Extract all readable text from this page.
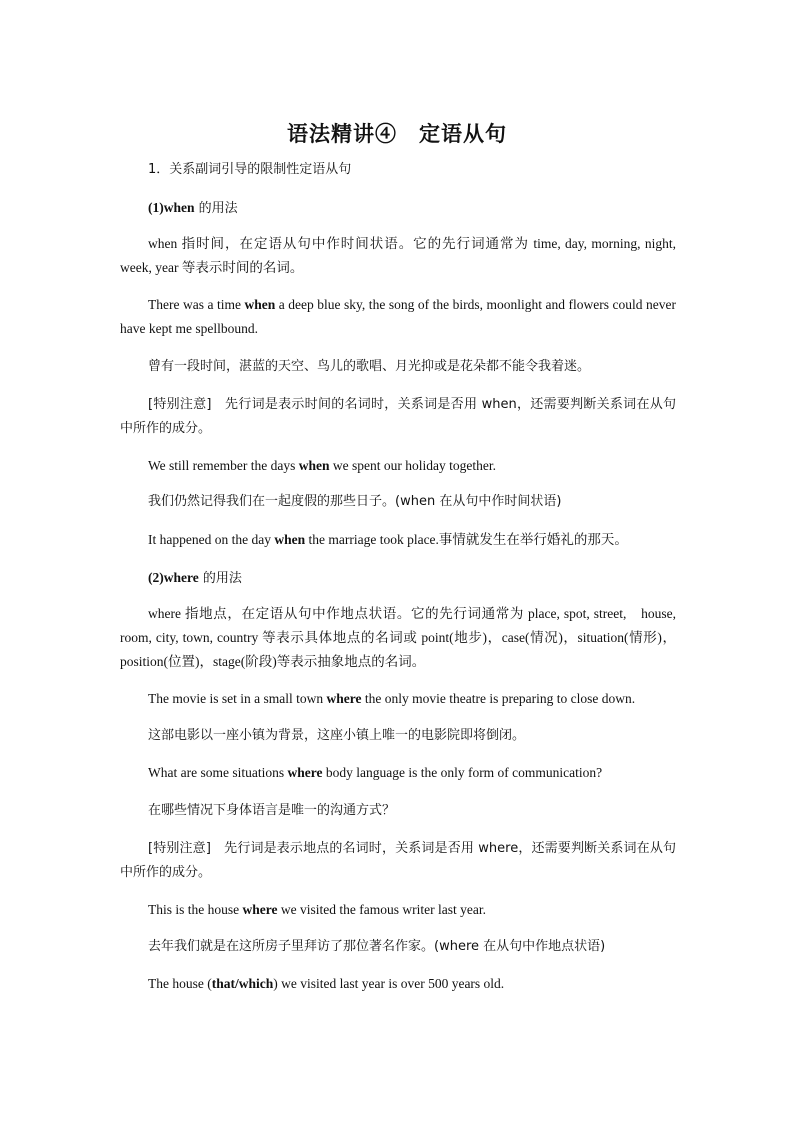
语法精讲④　定语从句
1．关系副词引导的限制性定语从句
(1)when 的用法
when 指时间，在定语从句中作时间状语。它的先行词通常为 time, day, morning, night, week, year 等表示时间的名词。
There was a time when a deep blue sky, the song of the birds, moonlight and flowers could never have kept me spellbound.
曾有一段时间，湛蓝的天空、鸟儿的歌唱、月光抑或是花朵都不能令我着迷。
[特别注意]　先行词是表示时间的名词时，关系词是否用 when，还需要判断关系词在从句中所作的成分。
We still remember the days when we spent our holiday together.
我们仍然记得我们在一起度假的那些日子。(when 在从句中作时间状语)
It happened on the day when the marriage took place.事情就发生在举行婚礼的那天。
(2)where 的用法
where 指地点，在定语从句中作地点状语。它的先行词通常为 place, spot, street,　house, room, city, town, country 等表示具体地点的名词或 point(地步)，case(情况)，situation(情形)，position(位置)，stage(阶段)等表示抽象地点的名词。
The movie is set in a small town where the only movie theatre is preparing to close down.
这部电影以一座小镇为背景，这座小镇上唯一的电影院即将倒闭。
What are some situations where body language is the only form of communication?
在哪些情况下身体语言是唯一的沟通方式？
[特别注意]　先行词是表示地点的名词时，关系词是否用 where，还需要判断关系词在从句中所作的成分。
This is the house where we visited the famous writer last year.
去年我们就是在这所房子里拜访了那位著名作家。(where 在从句中作地点状语)
The house (that/which) we visited last year is over 500 years old.
